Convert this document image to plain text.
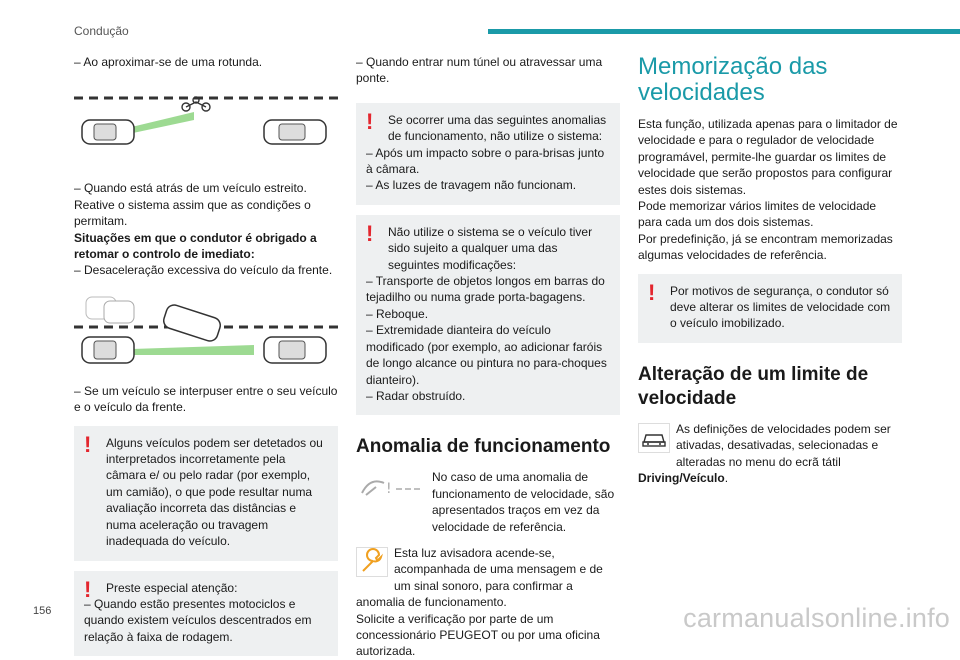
Condução

– Ao aproximar-se de uma rotunda.

– Quando está atrás de um veículo estreito. Reative o sistema assim que as condições o permitam.

Situações em que o condutor é obrigado a retomar o controlo de imediato:

– Desaceleração excessiva do veículo da frente.

– Se um veículo se interpuser entre o seu veículo e o veículo da frente.

! Alguns veículos podem ser detetados ou interpretados incorretamente pela câmara e/ ou pelo radar (por exemplo, um camião), o que pode resultar numa avaliação incorreta das distâncias e numa aceleração ou travagem inadequada do veículo.

! Preste especial atenção:

– Quando estão presentes motociclos e quando existem veículos descentrados em relação à faixa de rodagem.

– Quando entrar num túnel ou atravessar uma ponte.

! Se ocorrer uma das seguintes anomalias de funcionamento, não utilize o sistema:

– Após um impacto sobre o para-brisas junto à câmara.

– As luzes de travagem não funcionam.

! Não utilize o sistema se o veículo tiver sido sujeito a qualquer uma das seguintes modificações:

– Transporte de objetos longos em barras do tejadilho ou numa grade porta-bagagens.

– Reboque.

– Extremidade dianteira do veículo modificado (por exemplo, ao adicionar faróis de longo alcance ou pintura no para-choques dianteiro).

– Radar obstruído.

Anomalia de funcionamento
!

No caso de uma anomalia de funcionamento de velocidade, são apresentados traços em vez da velocidade de referência.

Esta luz avisadora acende-se, acompanhada de uma mensagem e de um sinal sonoro, para confirmar a anomalia de funcionamento.

Solicite a verificação por parte de um concessionário PEUGEOT ou por uma oficina autorizada.

Memorização das velocidades

Esta função, utilizada apenas para o limitador de velocidade e para o regulador de velocidade programável, permite-lhe guardar os limites de velocidade que serão propostos para configurar estes dois sistemas.

Pode memorizar vários limites de velocidade para cada um dos dois sistemas.

Por predefinição, já se encontram memorizadas algumas velocidades de referência.

! Por motivos de segurança, o condutor só deve alterar os limites de velocidade com o veículo imobilizado.

Alteração de um limite de velocidade

As definições de velocidades podem ser ativadas, desativadas, selecionadas e alteradas no menu do ecrã tátil Driving/Veículo.

156	carmanualsonline.info
